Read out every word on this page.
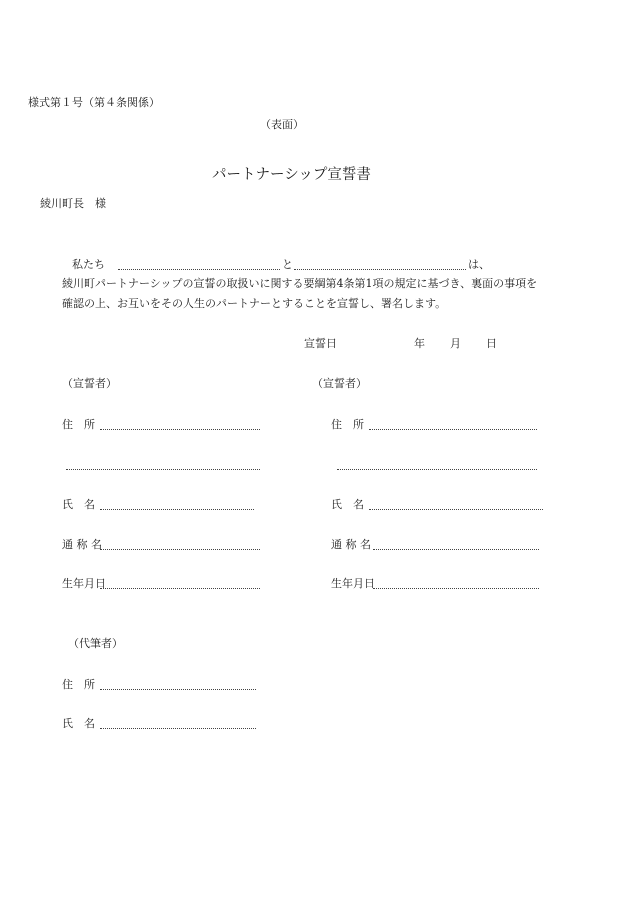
様式第１号（第４条関係）
（表面）
パートナーシップ宣誓書
綾川町長　様
私たち	と	は、
綾川町パートナーシップの宣誓の取扱いに関する要綱第4条第1項の規定に基づき、裏面の事項を
確認の上、お互いをその人生のパートナーとすることを宣誓し、署名します。
宣誓日	年 月 日
（宣誓者）
住　所
氏　名
通 称 名
生年月日
（宣誓者）
住　所
氏　名
通 称 名
生年月日
（代筆者）
住　所
氏　名
